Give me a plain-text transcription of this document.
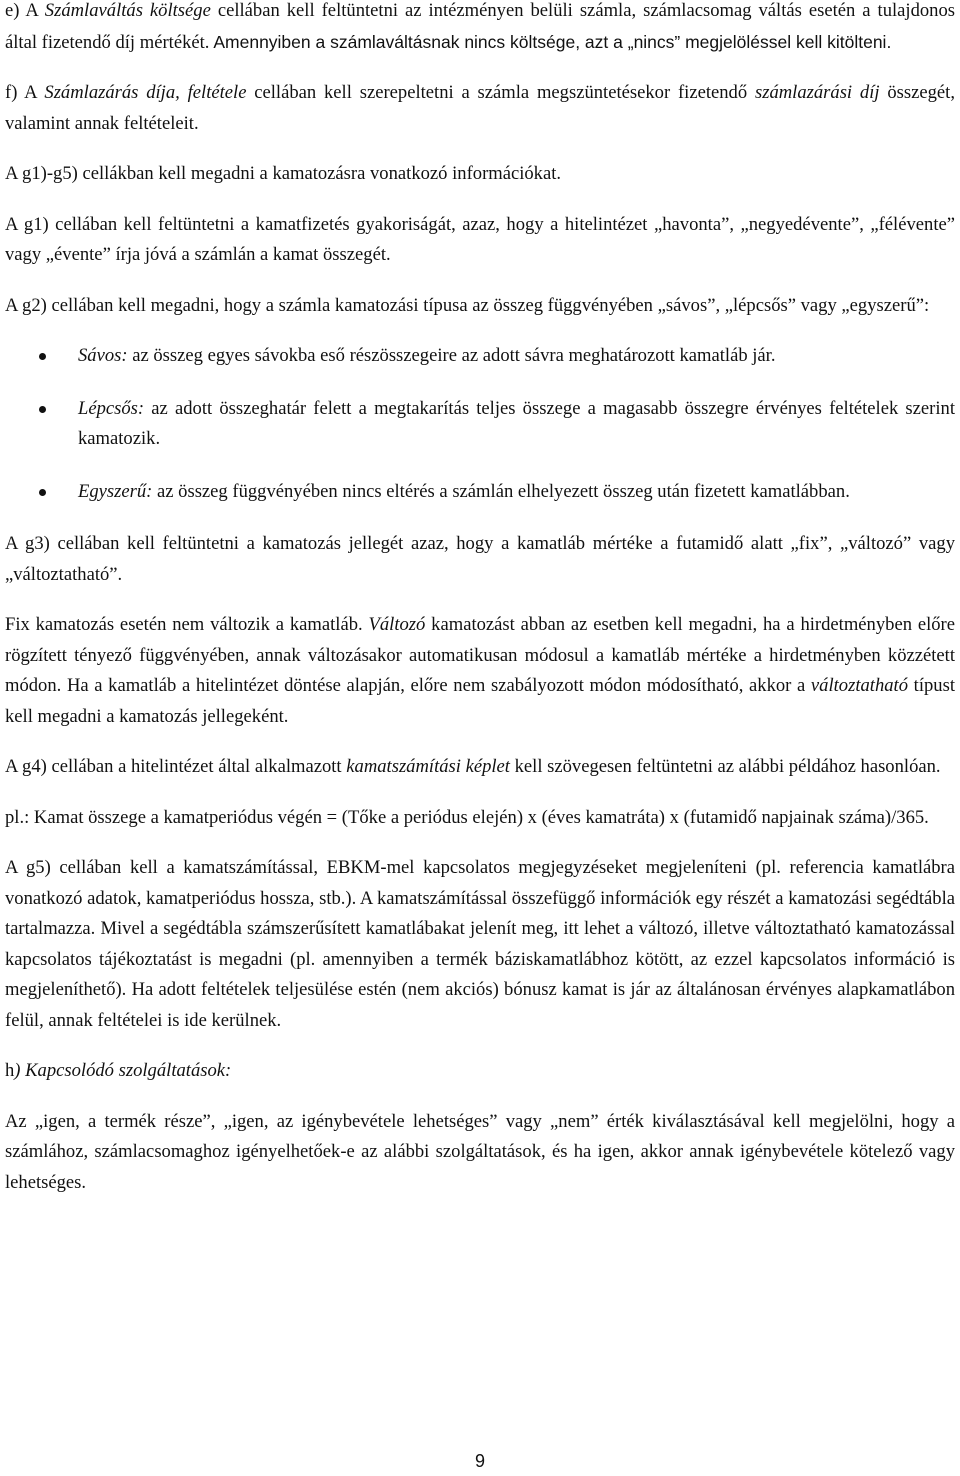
e) A Számlaváltás költsége cellában kell feltüntetni az intézményen belüli számla, számlacsomag váltás esetén a tulajdonos által fizetendő díj mértékét. Amennyiben a számlaváltásnak nincs költsége, azt a „nincs” megjelöléssel kell kitölteni.

f) A Számlazárás díja, feltétele cellában kell szerepeltetni a számla megszüntetésekor fizetendő számlazárási díj összegét, valamint annak feltételeit.

A g1)-g5) cellákban kell megadni a kamatozásra vonatkozó információkat.

A g1) cellában kell feltüntetni a kamatfizetés gyakoriságát, azaz, hogy a hitelintézet „havonta”, „negyedévente”, „félévente” vagy „évente” írja jóvá a számlán a kamat összegét.

A g2) cellában kell megadni, hogy a számla kamatozási típusa az összeg függvényében „sávos”, „lépcsős” vagy „egyszerű”:

Sávos: az összeg egyes sávokba eső részösszegeire az adott sávra meghatározott kamatláb jár.
Lépcsős: az adott összeghatár felett a megtakarítás teljes összege a magasabb összegre érvényes feltételek szerint kamatozik.
Egyszerű: az összeg függvényében nincs eltérés a számlán elhelyezett összeg után fizetett kamatlábban.

A g3) cellában kell feltüntetni a kamatozás jellegét azaz, hogy a kamatláb mértéke a futamidő alatt „fix”, „változó” vagy „változtatható”.

Fix kamatozás esetén nem változik a kamatláb. Változó kamatozást abban az esetben kell megadni, ha a hirdetményben előre rögzített tényező függvényében, annak változásakor automatikusan módosul a kamatláb mértéke a hirdetményben közzétett módon. Ha a kamatláb a hitelintézet döntése alapján, előre nem szabályozott módon módosítható, akkor a változtatható típust kell megadni a kamatozás jellegeként.

A g4) cellában a hitelintézet által alkalmazott kamatszámítási képlet kell szövegesen feltüntetni az alábbi példához hasonlóan.

pl.: Kamat összege a kamatperiódus végén = (Tőke a periódus elején) x (éves kamatráta) x (futamidő napjainak száma)/365.

A g5) cellában kell a kamatszámítással, EBKM-mel kapcsolatos megjegyzéseket megjeleníteni (pl. referencia kamatlábra vonatkozó adatok, kamatperiódus hossza, stb.). A kamatszámítással összefüggő információk egy részét a kamatozási segédtábla tartalmazza. Mivel a segédtábla számszerűsített kamatlábakat jelenít meg, itt lehet a változó, illetve változtatható kamatozással kapcsolatos tájékoztatást is megadni (pl. amennyiben a termék báziskamatlábhoz kötött, az ezzel kapcsolatos információ is megjeleníthető). Ha adott feltételek teljesülése estén (nem akciós) bónusz kamat is jár az általánosan érvényes alapkamatlábon felül, annak feltételei is ide kerülnek.

h) Kapcsolódó szolgáltatások:

Az „igen, a termék része”, „igen, az igénybevétele lehetséges” vagy „nem” érték kiválasztásával kell megjelölni, hogy a számlához, számlacsomaghoz igényelhetőek-e az alábbi szolgáltatások, és ha igen, akkor annak igénybevétele kötelező vagy lehetséges.

9
